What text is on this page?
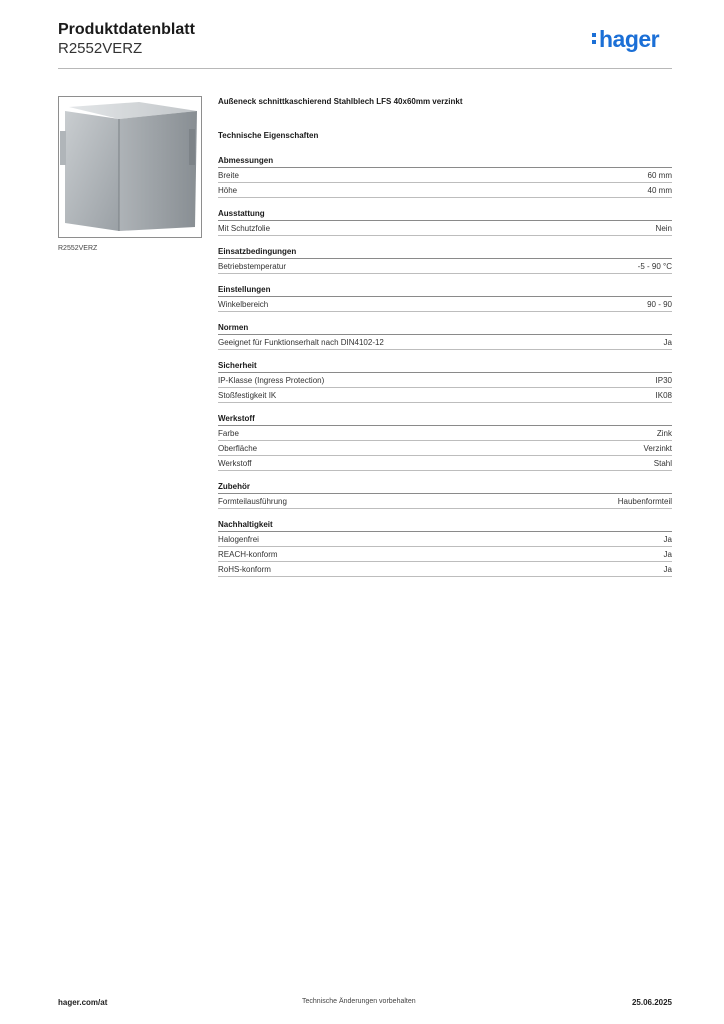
Produktdatenblatt
R2552VERZ	hager
R2552VERZ
Außeneck schnittkaschierend Stahlblech LFS 40x60mm verzinkt
Technische Eigenschaften
Abmessungen
Breite	60 mm
Höhe	40 mm
Ausstattung
Mit Schutzfolie	Nein
Einsatzbedingungen
Betriebstemperatur	-5 - 90 °C
Einstellungen
Winkelbereich	90 - 90
Normen
Geeignet für Funktionserhalt nach DIN4102-12	Ja
Sicherheit
IP-Klasse (Ingress Protection)	IP30
Stoßfestigkeit IK	IK08
Werkstoff
Farbe	Zink
Oberfläche	Verzinkt
Werkstoff	Stahl
Zubehör
Formteilausführung	Haubenformteil
Nachhaltigkeit
Halogenfrei	Ja
REACH-konform	Ja
RoHS-konform	Ja
hager.com/at	Technische Änderungen vorbehalten	25.06.2025
